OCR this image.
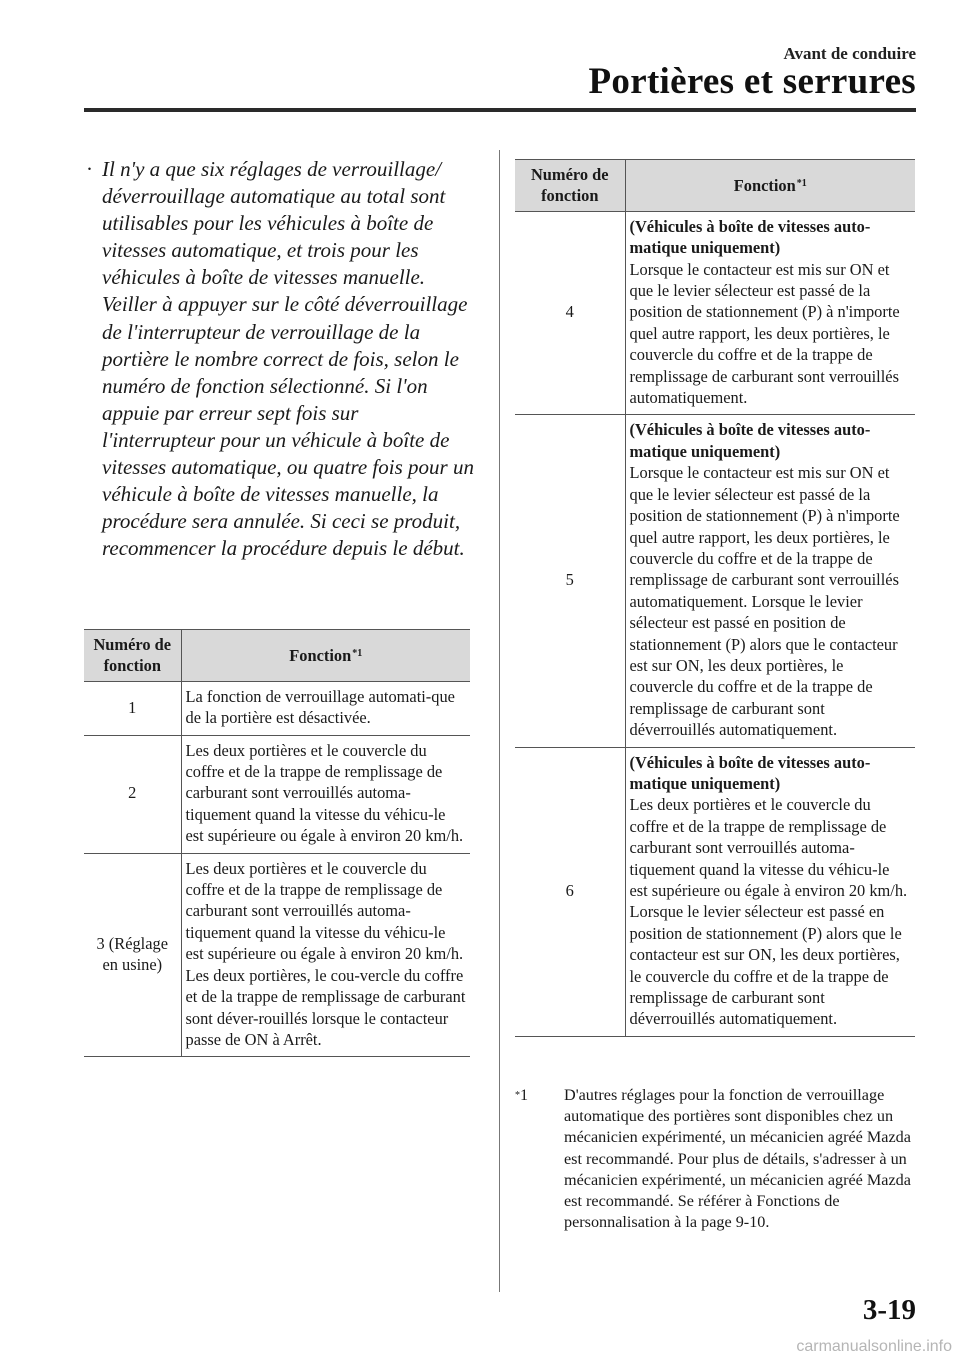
Avant de conduire
Portières et serrures
· Il n'y a que six réglages de verrouillage/ déverrouillage automatique au total sont utilisables pour les véhicules à boîte de vitesses automatique, et trois pour les véhicules à boîte de vitesses manuelle. Veiller à appuyer sur le côté déverrouillage de l'interrupteur de verrouillage de la portière le nombre correct de fois, selon le numéro de fonction sélectionné. Si l'on appuie par erreur sept fois sur l'interrupteur pour un véhicule à boîte de vitesses automatique, ou quatre fois pour un véhicule à boîte de vitesses manuelle, la procédure sera annulée. Si ceci se produit, recommencer la procédure depuis le début.
Numéro de fonction	Fonction$^{*1}$
1	La fonction de verrouillage automati-que de la portière est désactivée.

2	Les deux portières et le couvercle du coffre et de la trappe de remplissage de carburant sont verrouillés automa-tiquement quand la vitesse du véhicu-le est supérieure ou égale à environ 20 km/h.

3 (Réglage en usine)	Les deux portières et le couvercle du coffre et de la trappe de remplissage de carburant sont verrouillés automa-tiquement quand la vitesse du véhicu-le est supérieure ou égale à environ 20 km/h. Les deux portières, le cou-vercle du coffre et de la trappe de remplissage de carburant sont déver-rouillés lorsque le contacteur passe de ON à Arrêt.
Numéro de fonction	Fonction$^{*1}$
4	(Véhicules à boîte de vitesses auto-matique uniquement)
Lorsque le contacteur est mis sur ON et que le levier sélecteur est passé de la position de stationnement (P) à n'importe quel autre rapport, les deux portières, le couvercle du coffre et de la trappe de remplissage de carburant sont verrouillés automatiquement.

5	(Véhicules à boîte de vitesses auto-matique uniquement)
Lorsque le contacteur est mis sur ON et que le levier sélecteur est passé de la position de stationnement (P) à n'importe quel autre rapport, les deux portières, le couvercle du coffre et de la trappe de remplissage de carburant sont verrouillés automatiquement. Lorsque le levier sélecteur est passé en position de stationnement (P) alors que le contacteur est sur ON, les deux portières, le couvercle du coffre et de la trappe de remplissage de carburant sont déverrouillés automatiquement.

6	(Véhicules à boîte de vitesses auto-matique uniquement)
Les deux portières et le couvercle du coffre et de la trappe de remplissage de carburant sont verrouillés automa-tiquement quand la vitesse du véhicu-le est supérieure ou égale à environ 20 km/h. Lorsque le levier sélecteur est passé en position de stationnement (P) alors que le contacteur est sur ON, les deux portières, le couvercle du coffre et de la trappe de remplissage de carburant sont déverrouillés automatiquement.
*1	D'autres réglages pour la fonction de verrouillage automatique des portières sont disponibles chez un mécanicien expérimenté, un mécanicien agréé Mazda est recommandé. Pour plus de détails, s'adresser à un mécanicien expérimenté, un mécanicien agréé Mazda est recommandé. Se référer à Fonctions de personnalisation à la page 9-10.
3-19
carmanualsonline.info
